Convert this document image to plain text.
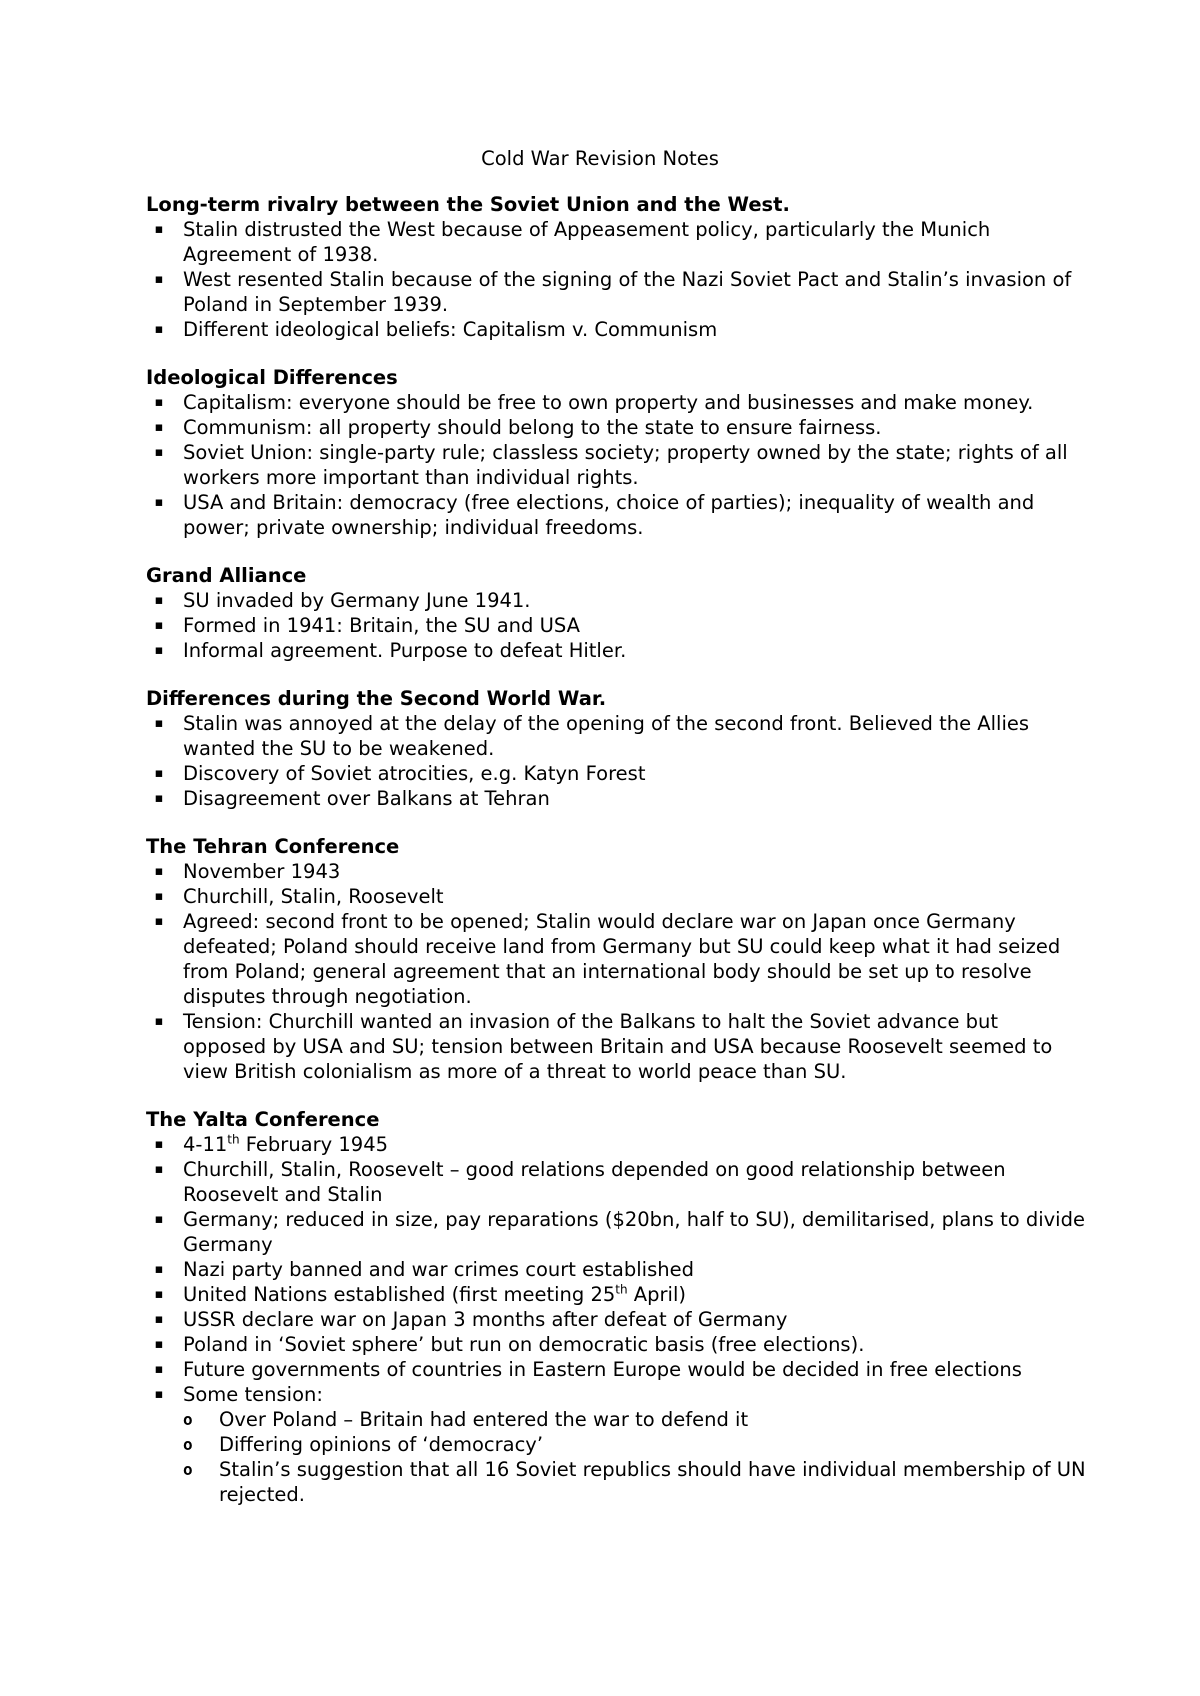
Cold War Revision Notes
Long-term rivalry between the Soviet Union and the West.
▪ Stalin distrusted the West because of Appeasement policy, particularly the Munich Agreement of 1938.
▪ West resented Stalin because of the signing of the Nazi Soviet Pact and Stalin’s invasion of Poland in September 1939.
▪ Different ideological beliefs: Capitalism v. Communism
Ideological Differences
▪ Capitalism: everyone should be free to own property and businesses and make money.
▪ Communism: all property should belong to the state to ensure fairness.
▪ Soviet Union: single-party rule; classless society; property owned by the state; rights of all workers more important than individual rights.
▪ USA and Britain: democracy (free elections, choice of parties); inequality of wealth and power; private ownership; individual freedoms.
Grand Alliance
▪ SU invaded by Germany June 1941.
▪ Formed in 1941: Britain, the SU and USA
▪ Informal agreement. Purpose to defeat Hitler.
Differences during the Second World War.
▪ Stalin was annoyed at the delay of the opening of the second front. Believed the Allies wanted the SU to be weakened.
▪ Discovery of Soviet atrocities, e.g. Katyn Forest
▪ Disagreement over Balkans at Tehran
The Tehran Conference
▪ November 1943
▪ Churchill, Stalin, Roosevelt
▪ Agreed: second front to be opened; Stalin would declare war on Japan once Germany defeated; Poland should receive land from Germany but SU could keep what it had seized from Poland; general agreement that an international body should be set up to resolve disputes through negotiation.
▪ Tension: Churchill wanted an invasion of the Balkans to halt the Soviet advance but opposed by USA and SU; tension between Britain and USA because Roosevelt seemed to view British colonialism as more of a threat to world peace than SU.
The Yalta Conference
▪ 4-11th February 1945
▪ Churchill, Stalin, Roosevelt – good relations depended on good relationship between Roosevelt and Stalin
▪ Germany; reduced in size, pay reparations ($20bn, half to SU), demilitarised, plans to divide Germany
▪ Nazi party banned and war crimes court established
▪ United Nations established (first meeting 25th April)
▪ USSR declare war on Japan 3 months after defeat of Germany
▪ Poland in ‘Soviet sphere’ but run on democratic basis (free elections).
▪ Future governments of countries in Eastern Europe would be decided in free elections
▪ Some tension:
o Over Poland – Britain had entered the war to defend it
o Differing opinions of ‘democracy’
o Stalin’s suggestion that all 16 Soviet republics should have individual membership of UN rejected.
